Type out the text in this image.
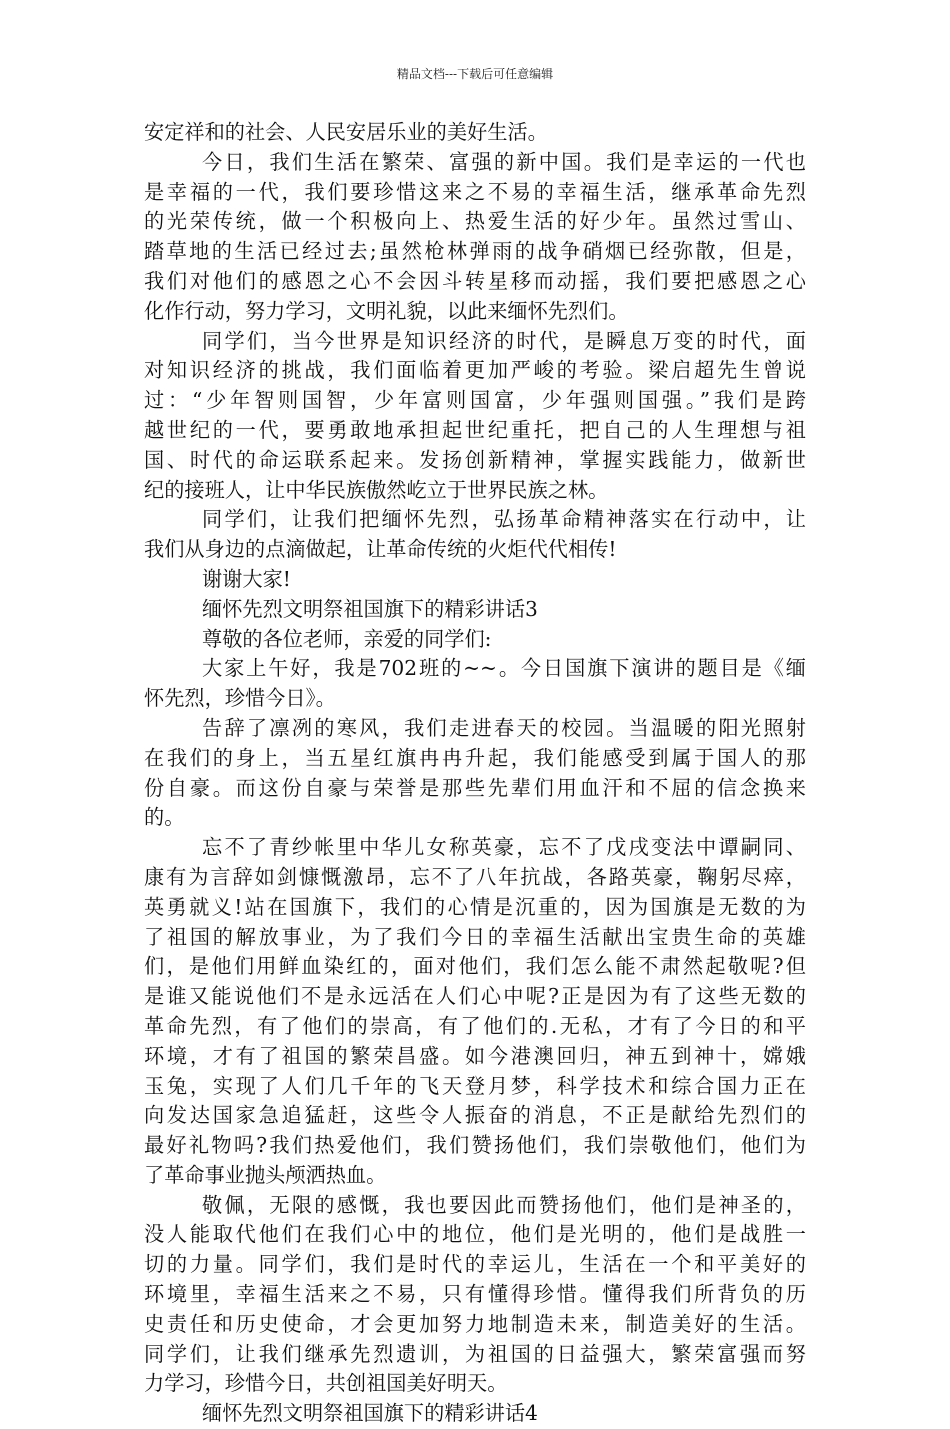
精品文档---下载后可任意编辑
安定祥和的社会、人民安居乐业的美好生活。
今日，我们生活在繁荣、富强的新中国。我们是幸运的一代也
是幸福的一代，我们要珍惜这来之不易的幸福生活，继承革命先烈
的光荣传统，做一个积极向上、热爱生活的好少年。虽然过雪山、
踏草地的生活已经过去;虽然枪林弹雨的战争硝烟已经弥散，但是，
我们对他们的感恩之心不会因斗转星移而动摇，我们要把感恩之心
化作行动，努力学习，文明礼貌，以此来缅怀先烈们。
同学们，当今世界是知识经济的时代，是瞬息万变的时代，面
对知识经济的挑战，我们面临着更加严峻的考验。梁启超先生曾说
过：“少年智则国智，少年富则国富，少年强则国强。”我们是跨
越世纪的一代，要勇敢地承担起世纪重托，把自己的人生理想与祖
国、时代的命运联系起来。发扬创新精神，掌握实践能力，做新世
纪的接班人，让中华民族傲然屹立于世界民族之林。
同学们，让我们把缅怀先烈，弘扬革命精神落实在行动中，让
我们从身边的点滴做起，让革命传统的火炬代代相传!
谢谢大家!
缅怀先烈文明祭祖国旗下的精彩讲话3
尊敬的各位老师，亲爱的同学们:
大家上午好，我是702班的~~。今日国旗下演讲的题目是《缅
怀先烈，珍惜今日》。
告辞了凛冽的寒风，我们走进春天的校园。当温暖的阳光照射
在我们的身上，当五星红旗冉冉升起，我们能感受到属于国人的那
份自豪。而这份自豪与荣誉是那些先辈们用血汗和不屈的信念换来
的。
忘不了青纱帐里中华儿女称英豪，忘不了戊戌变法中谭嗣同、
康有为言辞如剑慷慨激昂，忘不了八年抗战，各路英豪，鞠躬尽瘁，
英勇就义!站在国旗下，我们的心情是沉重的，因为国旗是无数的为
了祖国的解放事业，为了我们今日的幸福生活献出宝贵生命的英雄
们，是他们用鲜血染红的，面对他们，我们怎么能不肃然起敬呢?但
是谁又能说他们不是永远活在人们心中呢?正是因为有了这些无数的
革命先烈，有了他们的崇高，有了他们的.无私，才有了今日的和平
环境，才有了祖国的繁荣昌盛。如今港澳回归，神五到神十，嫦娥
玉兔，实现了人们几千年的飞天登月梦，科学技术和综合国力正在
向发达国家急追猛赶，这些令人振奋的消息，不正是献给先烈们的
最好礼物吗?我们热爱他们，我们赞扬他们，我们崇敬他们，他们为
了革命事业抛头颅洒热血。
敬佩，无限的感慨，我也要因此而赞扬他们，他们是神圣的，
没人能取代他们在我们心中的地位，他们是光明的，他们是战胜一
切的力量。同学们，我们是时代的幸运儿，生活在一个和平美好的
环境里，幸福生活来之不易，只有懂得珍惜。懂得我们所背负的历
史责任和历史使命，才会更加努力地制造未来，制造美好的生活。
同学们，让我们继承先烈遗训，为祖国的日益强大，繁荣富强而努
力学习，珍惜今日，共创祖国美好明天。
缅怀先烈文明祭祖国旗下的精彩讲话4
